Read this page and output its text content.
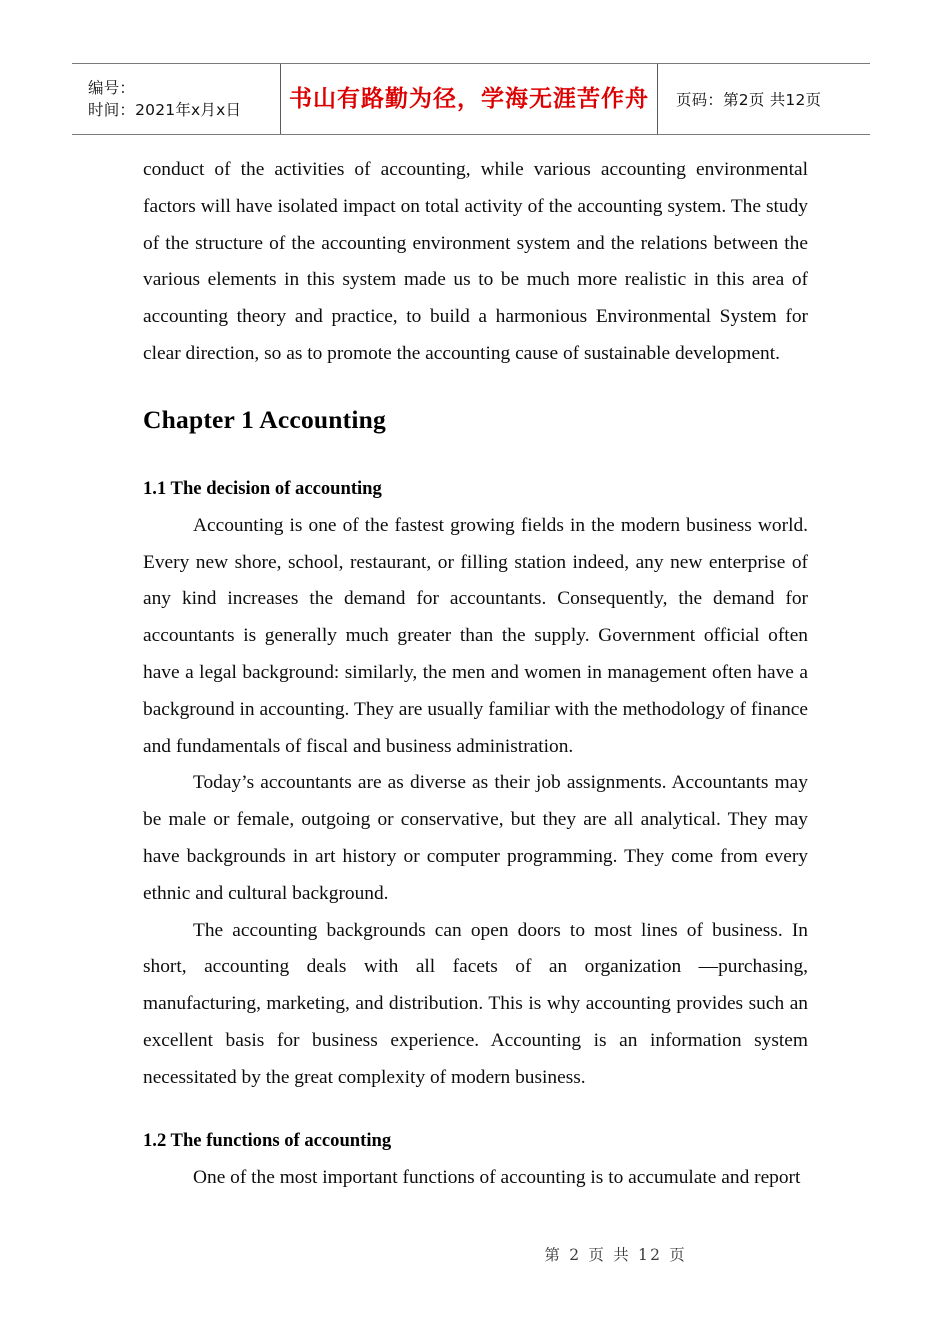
编号：
时间：2021年x月x日	书山有路勤为径，学海无涯苦作舟 页码：第2页 共12页

conduct of the activities of accounting, while various accounting environmental factors will have isolated impact on total activity of the accounting system. The study of the structure of the accounting environment system and the relations between the various elements in this system made us to be much more realistic in this area of accounting theory and practice, to build a harmonious Environmental System for clear direction, so as to promote the accounting cause of sustainable development.

Chapter 1 Accounting
1.1 The decision of accounting

Accounting is one of the fastest growing fields in the modern business world. Every new shore, school, restaurant, or filling station indeed, any new enterprise of any kind increases the demand for accountants. Consequently, the demand for accountants is generally much greater than the supply. Government official often have a legal background: similarly, the men and women in management often have a background in accounting. They are usually familiar with the methodology of finance and fundamentals of fiscal and business administration.

Today’s accountants are as diverse as their job assignments. Accountants may be male or female, outgoing or conservative, but they are all analytical. They may have backgrounds in art history or computer programming. They come from every ethnic and cultural background.

The accounting backgrounds can open doors to most lines of business. In short, accounting deals with all facets of an organization —purchasing, manufacturing, marketing, and distribution. This is why accounting provides such an excellent basis for business experience. Accounting is an information system necessitated by the great complexity of modern business.

1.2 The functions of accounting

One of the most important functions of accounting is to accumulate and report

第 2 页 共 12 页
